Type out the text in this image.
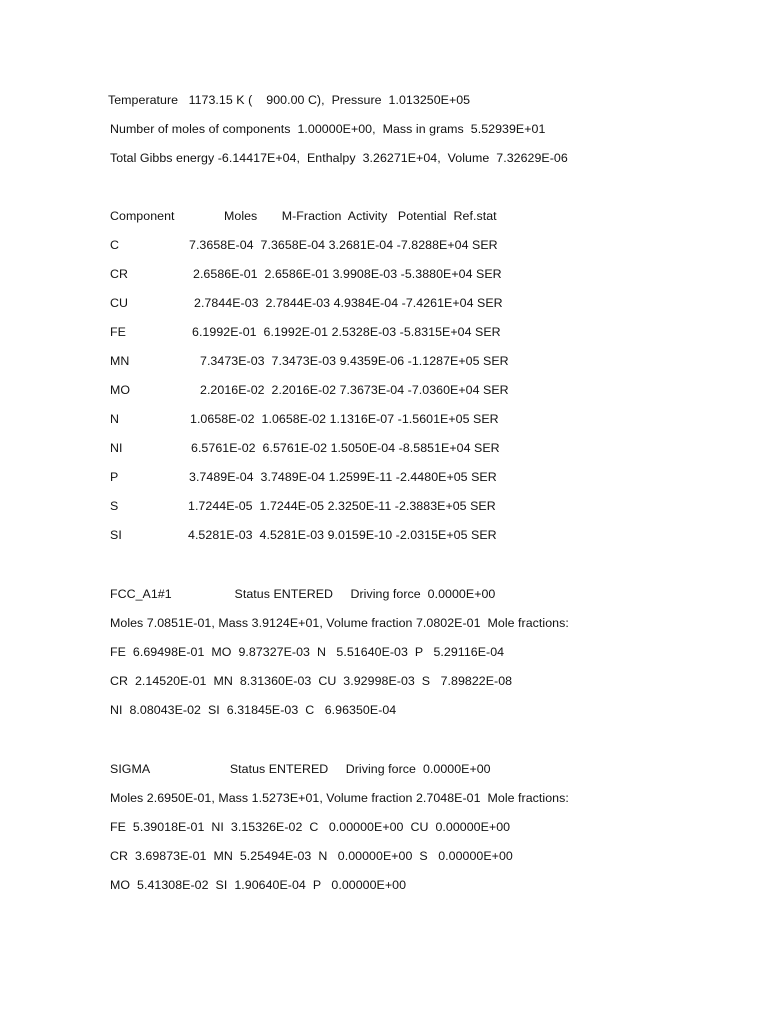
Temperature   1173.15 K (    900.00 C),  Pressure  1.013250E+05
Number of moles of components  1.00000E+00,  Mass in grams  5.52939E+01
Total Gibbs energy -6.14417E+04,  Enthalpy  3.26271E+04,  Volume  7.32629E-06
Component	Moles       M-Fraction  Activity   Potential  Ref.stat
C	7.3658E-04  7.3658E-04 3.2681E-04 -7.8288E+04 SER
CR	2.6586E-01  2.6586E-01 3.9908E-03 -5.3880E+04 SER
CU	2.7844E-03  2.7844E-03 4.9384E-04 -7.4261E+04 SER
FE	6.1992E-01  6.1992E-01 2.5328E-03 -5.8315E+04 SER
MN	7.3473E-03  7.3473E-03 9.4359E-06 -1.1287E+05 SER
MO	2.2016E-02  2.2016E-02 7.3673E-04 -7.0360E+04 SER
N	1.0658E-02  1.0658E-02 1.1316E-07 -1.5601E+05 SER
NI	6.5761E-02  6.5761E-02 1.5050E-04 -8.5851E+04 SER
P	3.7489E-04  3.7489E-04 1.2599E-11 -2.4480E+05 SER
S	1.7244E-05  1.7244E-05 2.3250E-11 -2.3883E+05 SER
SI	4.5281E-03  4.5281E-03 9.0159E-10 -2.0315E+05 SER
FCC_A1#1                  Status ENTERED     Driving force  0.0000E+00
Moles 7.0851E-01, Mass 3.9124E+01, Volume fraction 7.0802E-01  Mole fractions:
FE  6.69498E-01  MO  9.87327E-03  N   5.51640E-03  P   5.29116E-04
CR  2.14520E-01  MN  8.31360E-03  CU  3.92998E-03  S   7.89822E-08
NI  8.08043E-02  SI  6.31845E-03  C   6.96350E-04
SIGMA                       Status ENTERED     Driving force  0.0000E+00
Moles 2.6950E-01, Mass 1.5273E+01, Volume fraction 2.7048E-01  Mole fractions:
FE  5.39018E-01  NI  3.15326E-02  C   0.00000E+00  CU  0.00000E+00
CR  3.69873E-01  MN  5.25494E-03  N   0.00000E+00  S   0.00000E+00
MO  5.41308E-02  SI  1.90640E-04  P   0.00000E+00
